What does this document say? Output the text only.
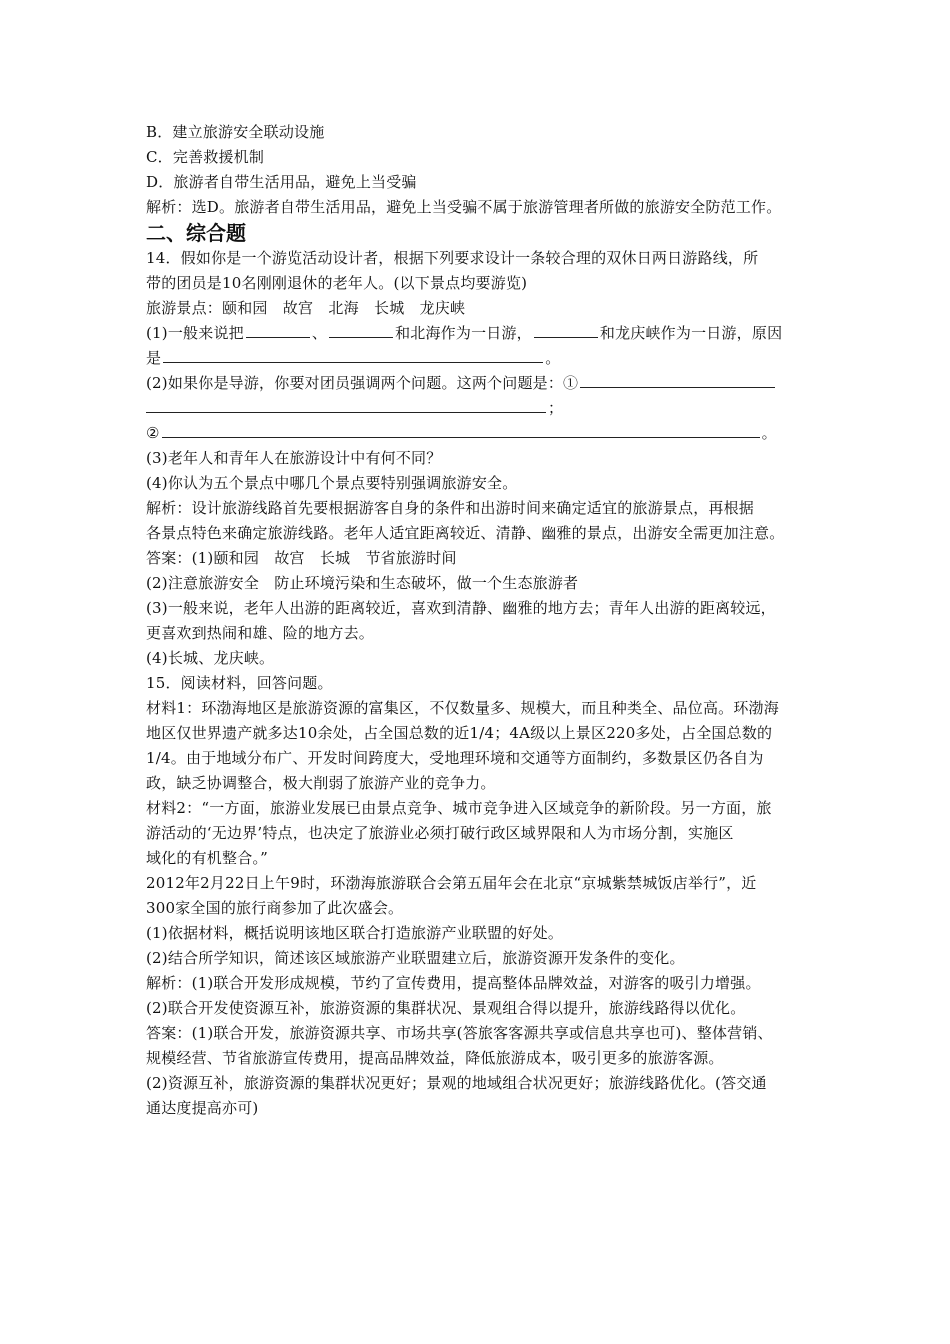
B．建立旅游安全联动设施
C．完善救援机制
D．旅游者自带生活用品，避免上当受骗
解析：选D。旅游者自带生活用品，避免上当受骗不属于旅游管理者所做的旅游安全防范工作。
二、综合题
14．假如你是一个游览活动设计者，根据下列要求设计一条较合理的双休日两日游路线，所
带的团员是10名刚刚退休的老年人。(以下景点均要游览)
旅游景点：颐和园　故宫　北海　长城　龙庆峡
(1)一般来说把	、	和北海作为一日游，	和龙庆峡作为一日游，原因
是	。
(2)如果你是导游，你要对团员强调两个问题。这两个问题是：①
；
②	。
(3)老年人和青年人在旅游设计中有何不同？
(4)你认为五个景点中哪几个景点要特别强调旅游安全。
解析：设计旅游线路首先要根据游客自身的条件和出游时间来确定适宜的旅游景点，再根据
各景点特色来确定旅游线路。老年人适宜距离较近、清静、幽雅的景点，出游安全需更加注意。
答案：(1)颐和园　故宫　长城　节省旅游时间
(2)注意旅游安全　防止环境污染和生态破坏，做一个生态旅游者
(3)一般来说，老年人出游的距离较近，喜欢到清静、幽雅的地方去；青年人出游的距离较远，
更喜欢到热闹和雄、险的地方去。
(4)长城、龙庆峡。
15．阅读材料，回答问题。
材料1：环渤海地区是旅游资源的富集区，不仅数量多、规模大，而且种类全、品位高。环渤海
地区仅世界遗产就多达10余处，占全国总数的近1/4；4A级以上景区220多处，占全国总数的
1/4。由于地域分布广、开发时间跨度大，受地理环境和交通等方面制约，多数景区仍各自为
政，缺乏协调整合，极大削弱了旅游产业的竞争力。
材料2：“一方面，旅游业发展已由景点竞争、城市竞争进入区域竞争的新阶段。另一方面，旅
游活动的‘无边界’特点，也决定了旅游业必须打破行政区域界限和人为市场分割，实施区
域化的有机整合。”
2012年2月22日上午9时，环渤海旅游联合会第五届年会在北京“京城紫禁城饭店举行”，近
300家全国的旅行商参加了此次盛会。
(1)依据材料，概括说明该地区联合打造旅游产业联盟的好处。
(2)结合所学知识，简述该区域旅游产业联盟建立后，旅游资源开发条件的变化。
解析：(1)联合开发形成规模，节约了宣传费用，提高整体品牌效益，对游客的吸引力增强。
(2)联合开发使资源互补，旅游资源的集群状况、景观组合得以提升，旅游线路得以优化。
答案：(1)联合开发，旅游资源共享、市场共享(答旅客客源共享或信息共享也可)、整体营销、
规模经营、节省旅游宣传费用，提高品牌效益，降低旅游成本，吸引更多的旅游客源。
(2)资源互补，旅游资源的集群状况更好；景观的地域组合状况更好；旅游线路优化。(答交通
通达度提高亦可)
